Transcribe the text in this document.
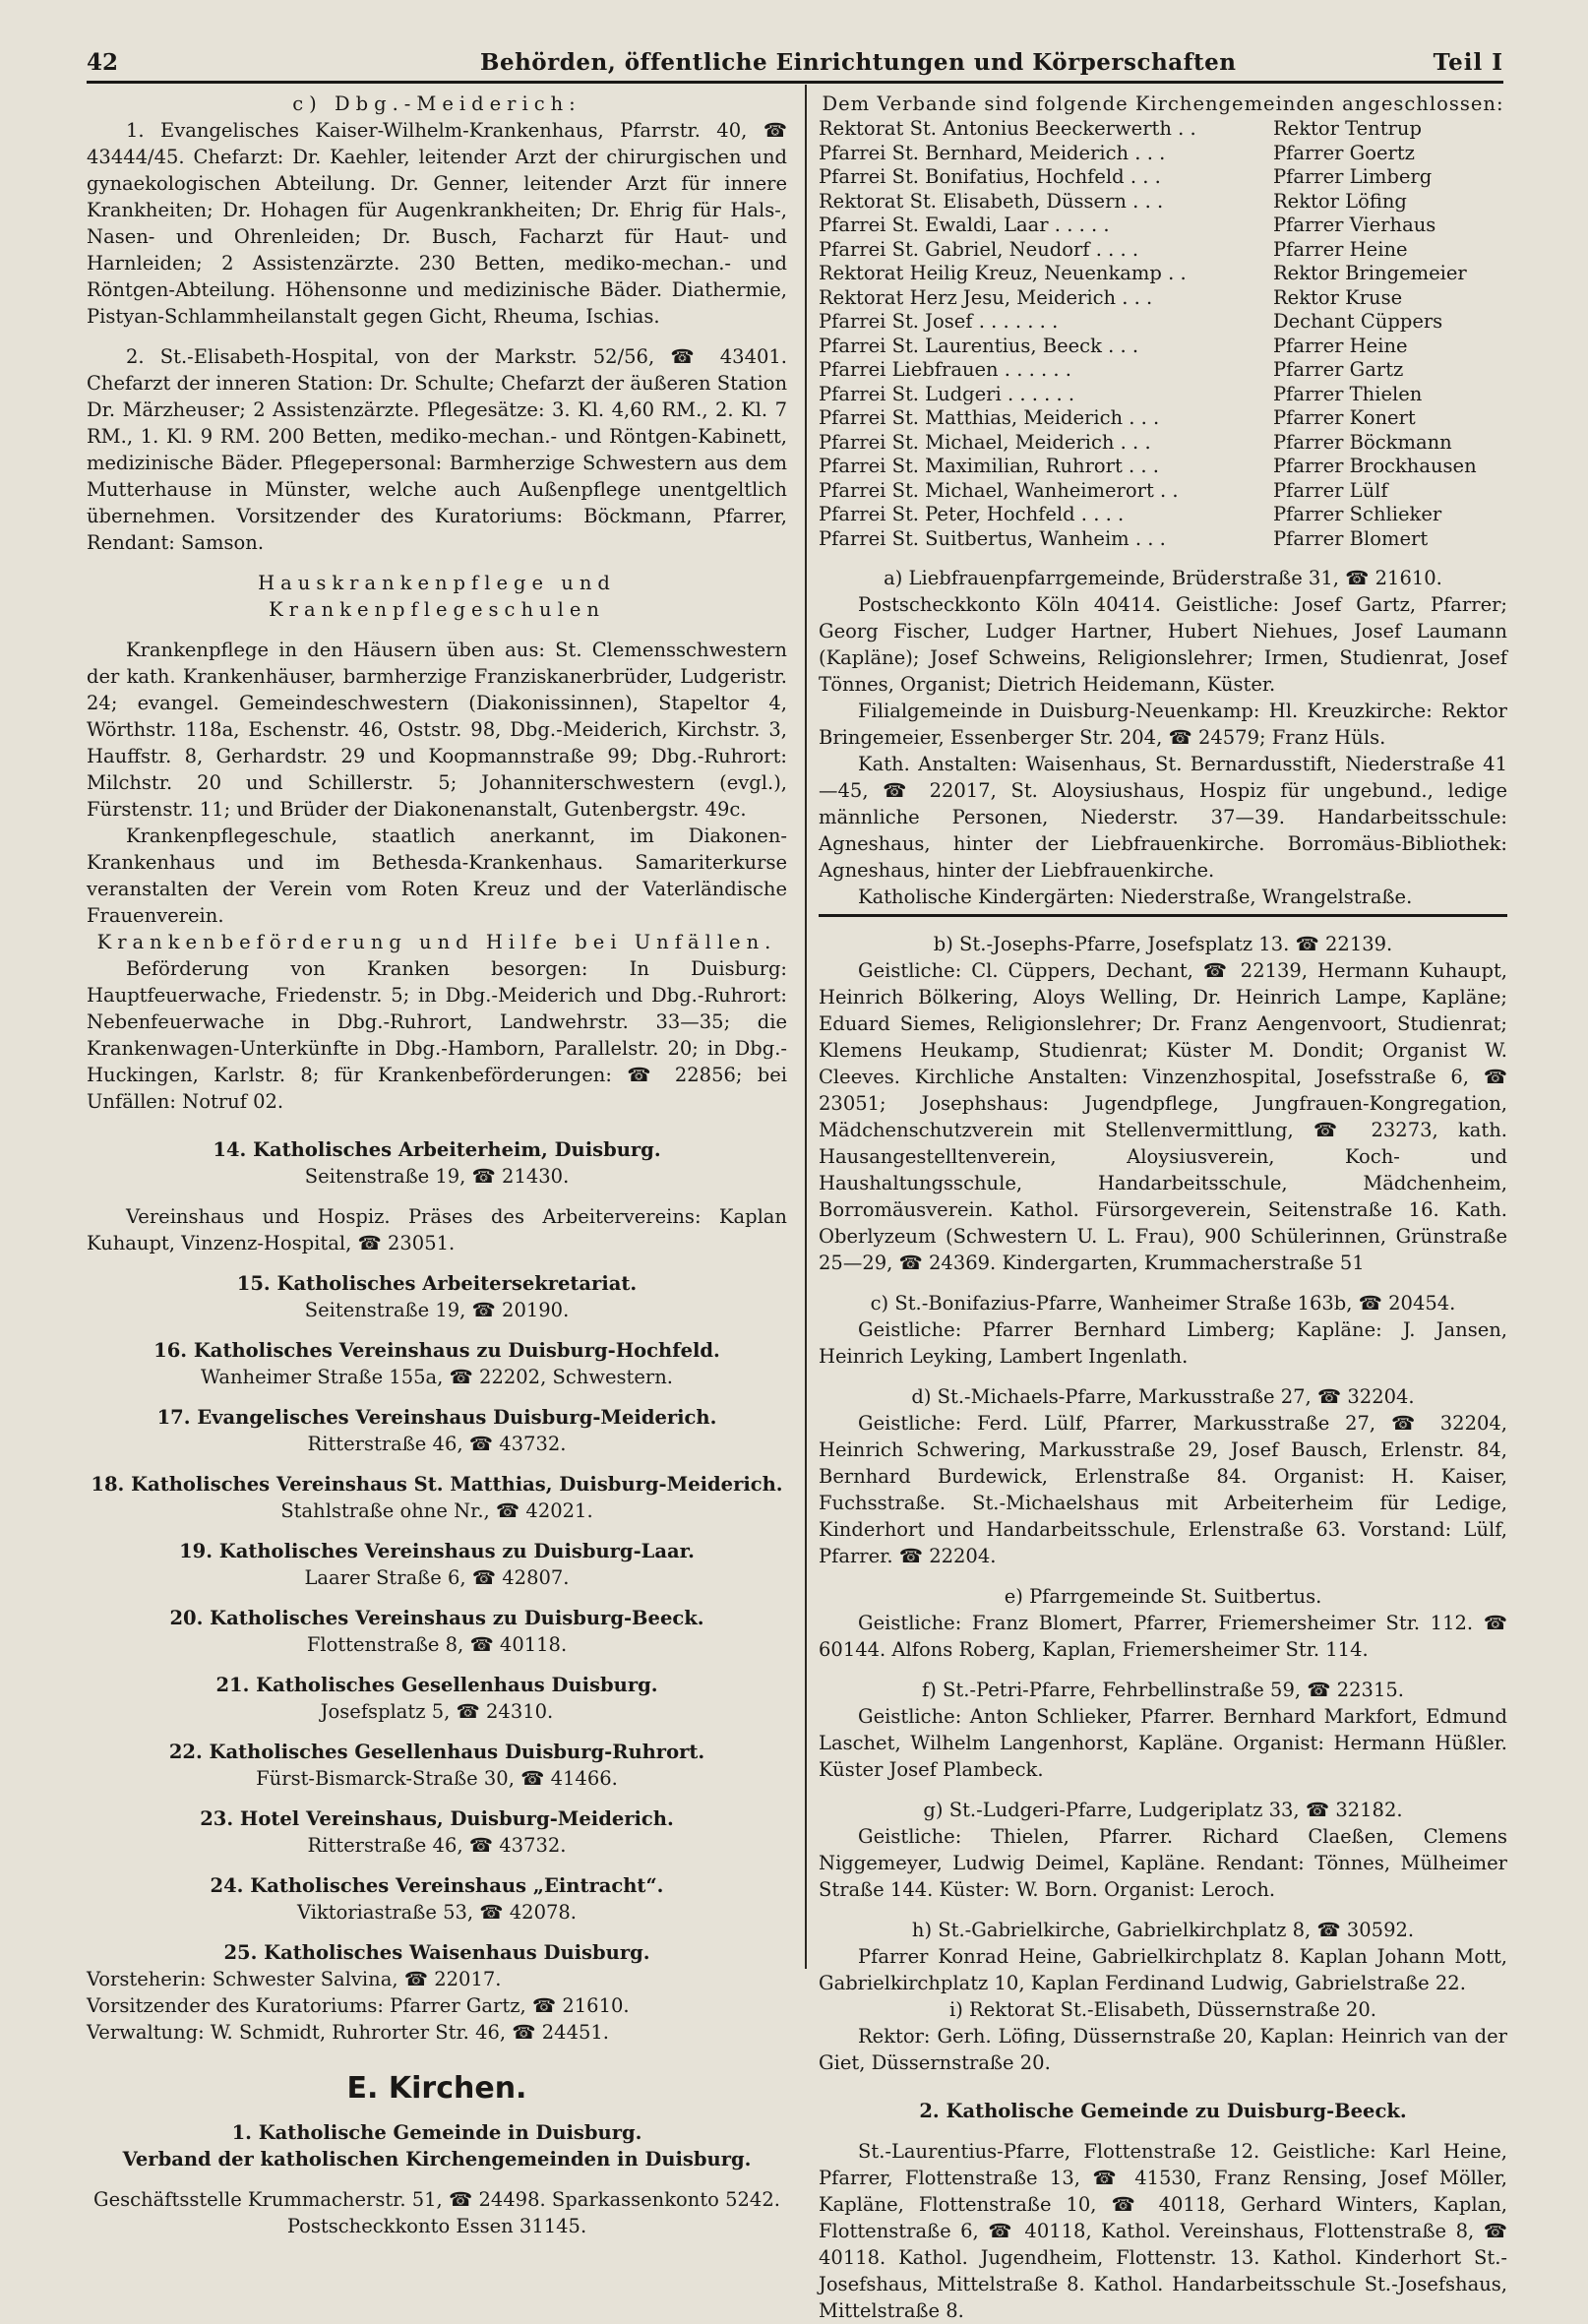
42	Behörden, öffentliche Einrichtungen und Körperschaften	Teil I

c) Dbg.-Meiderich:

1. Evangelisches Kaiser-Wilhelm-Krankenhaus, Pfarrstr. 40, ☎ 43444/45. Chefarzt: Dr. Kaehler, leitender Arzt der chirurgischen und gynaekologischen Abteilung. Dr. Genner, leitender Arzt für innere Krankheiten; Dr. Hohagen für Augenkrankheiten; Dr. Ehrig für Hals-, Nasen- und Ohrenleiden; Dr. Busch, Facharzt für Haut- und Harnleiden; 2 Assistenzärzte. 230 Betten, mediko-mechan.- und Röntgen-Abteilung. Höhensonne und medizinische Bäder. Diathermie, Pistyan-Schlammheilanstalt gegen Gicht, Rheuma, Ischias.

2. St.-Elisabeth-Hospital, von der Markstr. 52/56, ☎ 43401. Chefarzt der inneren Station: Dr. Schulte; Chefarzt der äußeren Station Dr. Märzheuser; 2 Assistenzärzte. Pflegesätze: 3. Kl. 4,60 RM., 2. Kl. 7 RM., 1. Kl. 9 RM. 200 Betten, mediko-mechan.- und Röntgen-Kabinett, medizinische Bäder. Pflegepersonal: Barmherzige Schwestern aus dem Mutterhause in Münster, welche auch Außenpflege unentgeltlich übernehmen. Vorsitzender des Kuratoriums: Böckmann, Pfarrer, Rendant: Samson.

Hauskrankenpflege und Krankenpflegeschulen

Krankenpflege in den Häusern üben aus: St. Clemensschwestern der kath. Krankenhäuser, barmherzige Franziskanerbrüder, Ludgeristr. 24; evangel. Gemeindeschwestern (Diakonissinnen), Stapeltor 4, Wörthstr. 118a, Eschenstr. 46, Oststr. 98, Dbg.-Meiderich, Kirchstr. 3, Hauffstr. 8, Gerhardstr. 29 und Koopmannstraße 99; Dbg.-Ruhrort: Milchstr. 20 und Schillerstr. 5; Johanniterschwestern (evgl.), Fürstenstr. 11; und Brüder der Diakonenanstalt, Gutenbergstr. 49c.

Krankenpflegeschule, staatlich anerkannt, im Diakonen-Krankenhaus und im Bethesda-Krankenhaus. Samariterkurse veranstalten der Verein vom Roten Kreuz und der Vaterländische Frauenverein.

Krankenbeförderung und Hilfe bei Unfällen.

Beförderung von Kranken besorgen: In Duisburg: Hauptfeuerwache, Friedenstr. 5; in Dbg.-Meiderich und Dbg.-Ruhrort: Nebenfeuerwache in Dbg.-Ruhrort, Landwehrstr. 33—35; die Krankenwagen-Unterkünfte in Dbg.-Hamborn, Parallelstr. 20; in Dbg.-Huckingen, Karlstr. 8; für Krankenbeförderungen: ☎ 22856; bei Unfällen: Notruf 02.

14. Katholisches Arbeiterheim, Duisburg.

Seitenstraße 19, ☎ 21430.

Vereinshaus und Hospiz. Präses des Arbeitervereins: Kaplan Kuhaupt, Vinzenz-Hospital, ☎ 23051.

15. Katholisches Arbeitersekretariat.

Seitenstraße 19, ☎ 20190.

16. Katholisches Vereinshaus zu Duisburg-Hochfeld.

Wanheimer Straße 155a, ☎ 22202, Schwestern.

17. Evangelisches Vereinshaus Duisburg-Meiderich.

Ritterstraße 46, ☎ 43732.

18. Katholisches Vereinshaus St. Matthias, Duisburg-Meiderich.

Stahlstraße ohne Nr., ☎ 42021.

19. Katholisches Vereinshaus zu Duisburg-Laar.

Laarer Straße 6, ☎ 42807.

20. Katholisches Vereinshaus zu Duisburg-Beeck.

Flottenstraße 8, ☎ 40118.

21. Katholisches Gesellenhaus Duisburg.

Josefsplatz 5, ☎ 24310.

22. Katholisches Gesellenhaus Duisburg-Ruhrort.

Fürst-Bismarck-Straße 30, ☎ 41466.

23. Hotel Vereinshaus, Duisburg-Meiderich.

Ritterstraße 46, ☎ 43732.

24. Katholisches Vereinshaus „Eintracht“.

Viktoriastraße 53, ☎ 42078.

25. Katholisches Waisenhaus Duisburg.

Vorsteherin: Schwester Salvina, ☎ 22017.

Vorsitzender des Kuratoriums: Pfarrer Gartz, ☎ 21610.

Verwaltung: W. Schmidt, Ruhrorter Str. 46, ☎ 24451.

E. Kirchen.

1. Katholische Gemeinde in Duisburg.

Verband der katholischen Kirchengemeinden in Duisburg.

Geschäftsstelle Krummacherstr. 51, ☎ 24498. Sparkassenkonto 5242.

Postscheckkonto Essen 31145.

Dem Verbande sind folgende Kirchengemeinden angeschlossen:

Rektorat St. Antonius Beeckerwerth . .	Rektor Tentrup
Pfarrei St. Bernhard, Meiderich . . .	Pfarrer Goertz
Pfarrei St. Bonifatius, Hochfeld . . .	Pfarrer Limberg
Rektorat St. Elisabeth, Düssern . . .	Rektor Löfing
Pfarrei St. Ewaldi, Laar . . . . .	Pfarrer Vierhaus
Pfarrei St. Gabriel, Neudorf . . . .	Pfarrer Heine
Rektorat Heilig Kreuz, Neuenkamp . .	Rektor Bringemeier
Rektorat Herz Jesu, Meiderich . . .	Rektor Kruse
Pfarrei St. Josef . . . . . . .	Dechant Cüppers
Pfarrei St. Laurentius, Beeck . . .	Pfarrer Heine
Pfarrei Liebfrauen . . . . . .	Pfarrer Gartz
Pfarrei St. Ludgeri . . . . . .	Pfarrer Thielen
Pfarrei St. Matthias, Meiderich . . .	Pfarrer Konert
Pfarrei St. Michael, Meiderich . . .	Pfarrer Böckmann
Pfarrei St. Maximilian, Ruhrort . . .	Pfarrer Brockhausen
Pfarrei St. Michael, Wanheimerort . .	Pfarrer Lülf
Pfarrei St. Peter, Hochfeld . . . .	Pfarrer Schlieker
Pfarrei St. Suitbertus, Wanheim . . .	Pfarrer Blomert

a) Liebfrauenpfarrgemeinde, Brüderstraße 31, ☎ 21610.

Postscheckkonto Köln 40414. Geistliche: Josef Gartz, Pfarrer; Georg Fischer, Ludger Hartner, Hubert Niehues, Josef Laumann (Kapläne); Josef Schweins, Religionslehrer; Irmen, Studienrat, Josef Tönnes, Organist; Dietrich Heidemann, Küster.

Filialgemeinde in Duisburg-Neuenkamp: Hl. Kreuzkirche: Rektor Bringemeier, Essenberger Str. 204, ☎ 24579; Franz Hüls.

Kath. Anstalten: Waisenhaus, St. Bernardusstift, Niederstraße 41—45, ☎ 22017, St. Aloysiushaus, Hospiz für ungebund., ledige männliche Personen, Niederstr. 37—39. Handarbeitsschule: Agneshaus, hinter der Liebfrauenkirche. Borromäus-Bibliothek: Agneshaus, hinter der Liebfrauenkirche.

Katholische Kindergärten: Niederstraße, Wrangelstraße.

b) St.-Josephs-Pfarre, Josefsplatz 13. ☎ 22139.

Geistliche: Cl. Cüppers, Dechant, ☎ 22139, Hermann Kuhaupt, Heinrich Bölkering, Aloys Welling, Dr. Heinrich Lampe, Kapläne; Eduard Siemes, Religionslehrer; Dr. Franz Aengenvoort, Studienrat; Klemens Heukamp, Studienrat; Küster M. Dondit; Organist W. Cleeves. Kirchliche Anstalten: Vinzenzhospital, Josefsstraße 6, ☎ 23051; Josephshaus: Jugendpflege, Jungfrauen-Kongregation, Mädchenschutzverein mit Stellenvermittlung, ☎ 23273, kath. Hausangestelltenverein, Aloysiusverein, Koch- und Haushaltungsschule, Handarbeitsschule, Mädchenheim, Borromäusverein. Kathol. Fürsorgeverein, Seitenstraße 16. Kath. Oberlyzeum (Schwestern U. L. Frau), 900 Schülerinnen, Grünstraße 25—29, ☎ 24369. Kindergarten, Krummacherstraße 51

c) St.-Bonifazius-Pfarre, Wanheimer Straße 163b, ☎ 20454.

Geistliche: Pfarrer Bernhard Limberg; Kapläne: J. Jansen, Heinrich Leyking, Lambert Ingenlath.

d) St.-Michaels-Pfarre, Markusstraße 27, ☎ 32204.

Geistliche: Ferd. Lülf, Pfarrer, Markusstraße 27, ☎ 32204, Heinrich Schwering, Markusstraße 29, Josef Bausch, Erlenstr. 84, Bernhard Burdewick, Erlenstraße 84. Organist: H. Kaiser, Fuchsstraße. St.-Michaelshaus mit Arbeiterheim für Ledige, Kinderhort und Handarbeitsschule, Erlenstraße 63. Vorstand: Lülf, Pfarrer. ☎ 22204.

e) Pfarrgemeinde St. Suitbertus.

Geistliche: Franz Blomert, Pfarrer, Friemersheimer Str. 112. ☎ 60144. Alfons Roberg, Kaplan, Friemersheimer Str. 114.

f) St.-Petri-Pfarre, Fehrbellinstraße 59, ☎ 22315.

Geistliche: Anton Schlieker, Pfarrer. Bernhard Markfort, Edmund Laschet, Wilhelm Langenhorst, Kapläne. Organist: Hermann Hüßler. Küster Josef Plambeck.

g) St.-Ludgeri-Pfarre, Ludgeriplatz 33, ☎ 32182.

Geistliche: Thielen, Pfarrer. Richard Claeßen, Clemens Niggemeyer, Ludwig Deimel, Kapläne. Rendant: Tönnes, Mülheimer Straße 144. Küster: W. Born. Organist: Leroch.

h) St.-Gabrielkirche, Gabrielkirchplatz 8, ☎ 30592.

Pfarrer Konrad Heine, Gabrielkirchplatz 8. Kaplan Johann Mott, Gabrielkirchplatz 10, Kaplan Ferdinand Ludwig, Gabrielstraße 22.

i) Rektorat St.-Elisabeth, Düssernstraße 20.

Rektor: Gerh. Löfing, Düssernstraße 20, Kaplan: Heinrich van der Giet, Düssernstraße 20.

2. Katholische Gemeinde zu Duisburg-Beeck.

St.-Laurentius-Pfarre, Flottenstraße 12. Geistliche: Karl Heine, Pfarrer, Flottenstraße 13, ☎ 41530, Franz Rensing, Josef Möller, Kapläne, Flottenstraße 10, ☎ 40118, Gerhard Winters, Kaplan, Flottenstraße 6, ☎ 40118, Kathol. Vereinshaus, Flottenstraße 8, ☎ 40118. Kathol. Jugendheim, Flottenstr. 13. Kathol. Kinderhort St.-Josefshaus, Mittelstraße 8. Kathol. Handarbeitsschule St.-Josefshaus, Mittelstraße 8.
